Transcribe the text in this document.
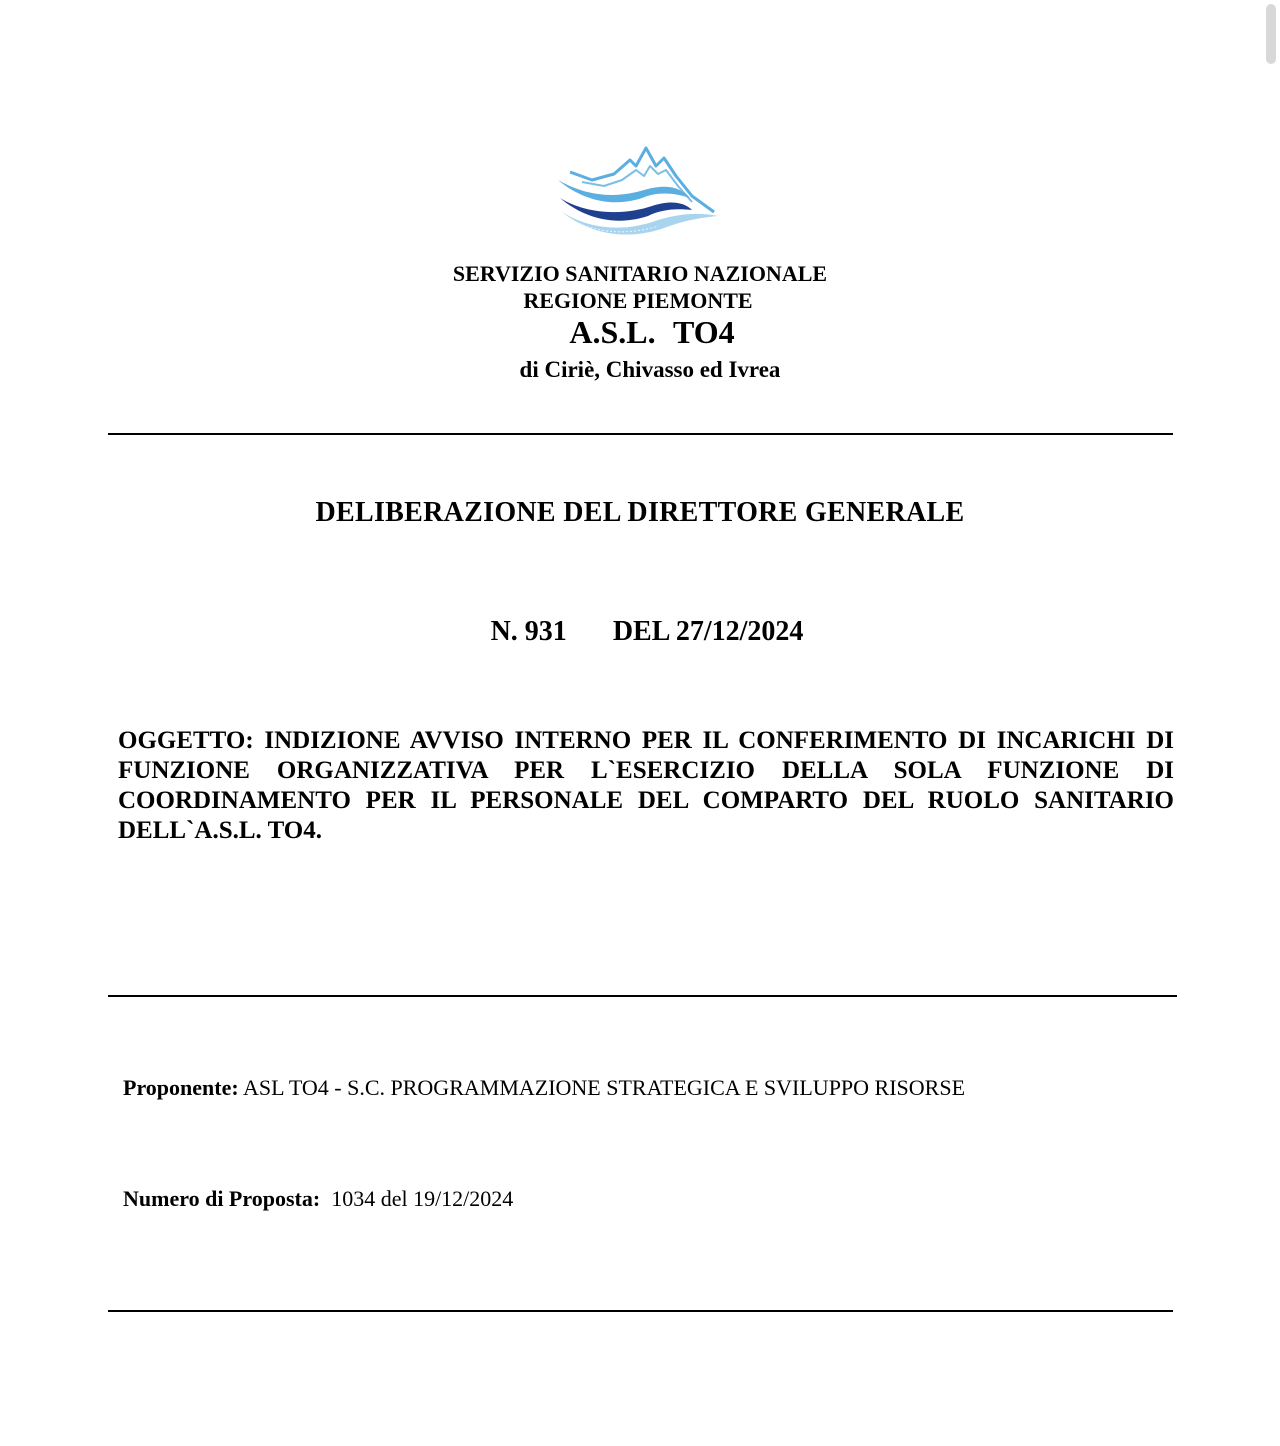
SERVIZIO SANITARIO NAZIONALE
REGIONE PIEMONTE
A.S.L. TO4
di Ciriè, Chivasso ed Ivrea
DELIBERAZIONE DEL DIRETTORE GENERALE
N. 931 DEL 27/12/2024
OGGETTO: INDIZIONE AVVISO INTERNO PER IL CONFERIMENTO DI INCARICHI DI FUNZIONE ORGANIZZATIVA PER L`ESERCIZIO DELLA SOLA FUNZIONE DI COORDINAMENTO PER IL PERSONALE DEL COMPARTO DEL RUOLO SANITARIO DELL`A.S.L. TO4.
Proponente: ASL TO4 - S.C. PROGRAMMAZIONE STRATEGICA E SVILUPPO RISORSE
Numero di Proposta: 1034 del 19/12/2024
